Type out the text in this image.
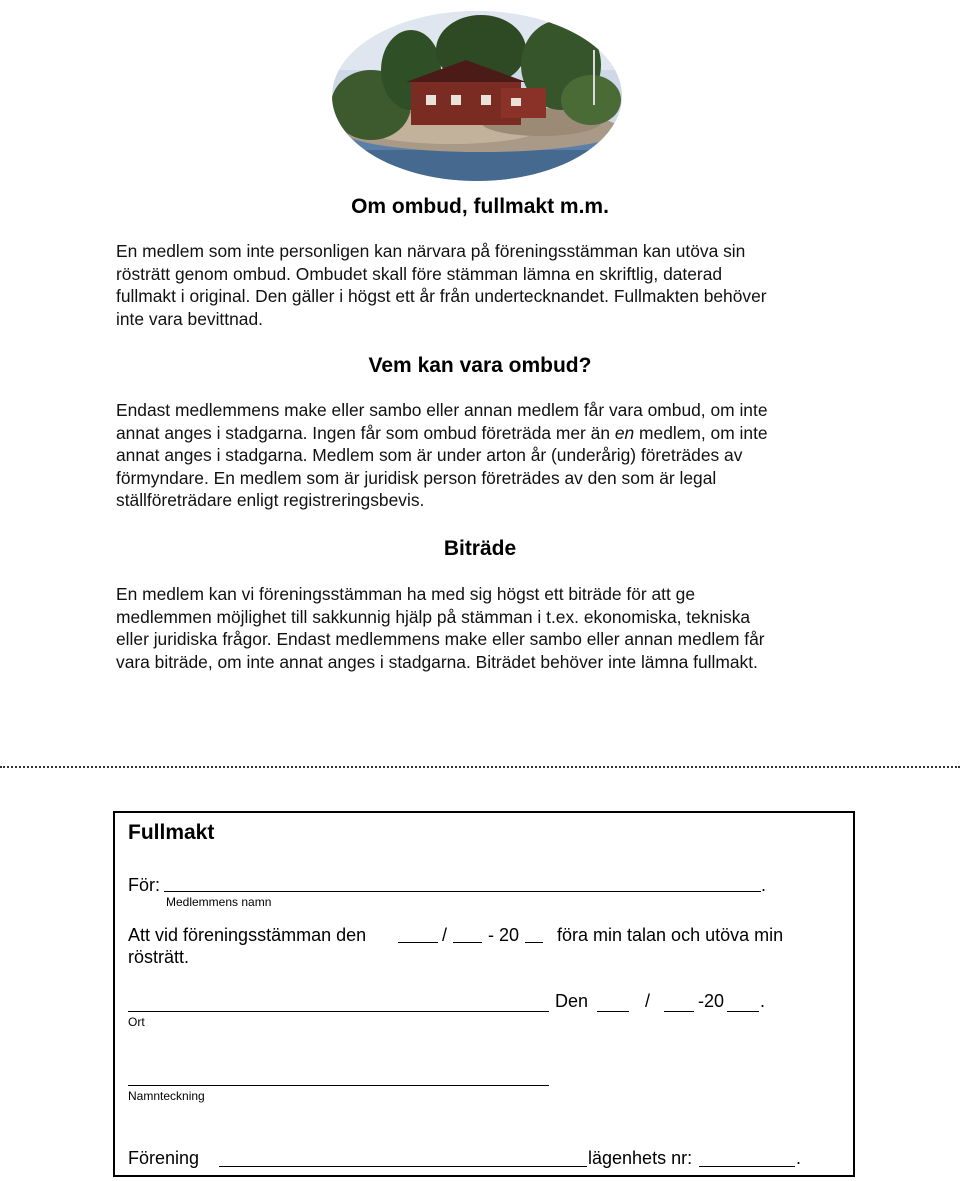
Om ombud, fullmakt m.m.
En medlem som inte personligen kan närvara på föreningsstämman kan utöva sin
rösträtt genom ombud. Ombudet skall före stämman lämna en skriftlig, daterad
fullmakt i original. Den gäller i högst ett år från undertecknandet. Fullmakten behöver
inte vara bevittnad.
Vem kan vara ombud?
Endast medlemmens make eller sambo eller annan medlem får vara ombud, om inte
annat anges i stadgarna. Ingen får som ombud företräda mer än en medlem, om inte
annat anges i stadgarna. Medlem som är under arton år (underårig) företrädes av
förmyndare. En medlem som är juridisk person företrädes av den som är legal
ställföreträdare enligt registreringsbevis.
Biträde
En medlem kan vi föreningsstämman ha med sig högst ett biträde för att ge
medlemmen möjlighet till sakkunnig hjälp på stämman i t.ex. ekonomiska, tekniska
eller juridiska frågor. Endast medlemmens make eller sambo eller annan medlem får
vara biträde, om inte annat anges i stadgarna. Biträdet behöver inte lämna fullmakt.
Fullmakt
För:	.
Medlemmens namn
Att vid föreningsstämman den	/ - 20 föra min talan och utöva min
rösträtt.
Den	/	-20 .
Ort
Namnteckning
Förening	lägenhets nr:	.
